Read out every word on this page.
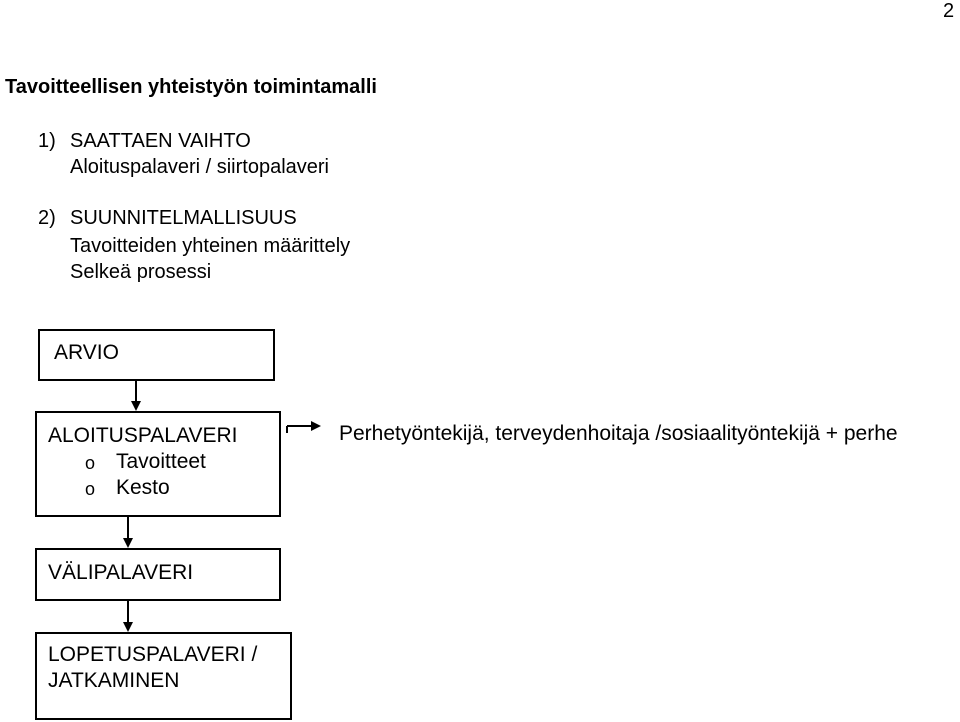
2
Tavoitteellisen yhteistyön toimintamalli
1) SAATTAEN VAIHTO
Aloituspalaveri / siirtopalaveri
2) SUUNNITELMALLISUUS
Tavoitteiden yhteinen määrittely
Selkeä prosessi
ARVIO
ALOITUSPALAVERI
o Tavoitteet
o Kesto
Perhetyöntekijä, terveydenhoitaja /sosiaalityöntekijä + perhe
VÄLIPALAVERI
LOPETUSPALAVERI /
JATKAMINEN
